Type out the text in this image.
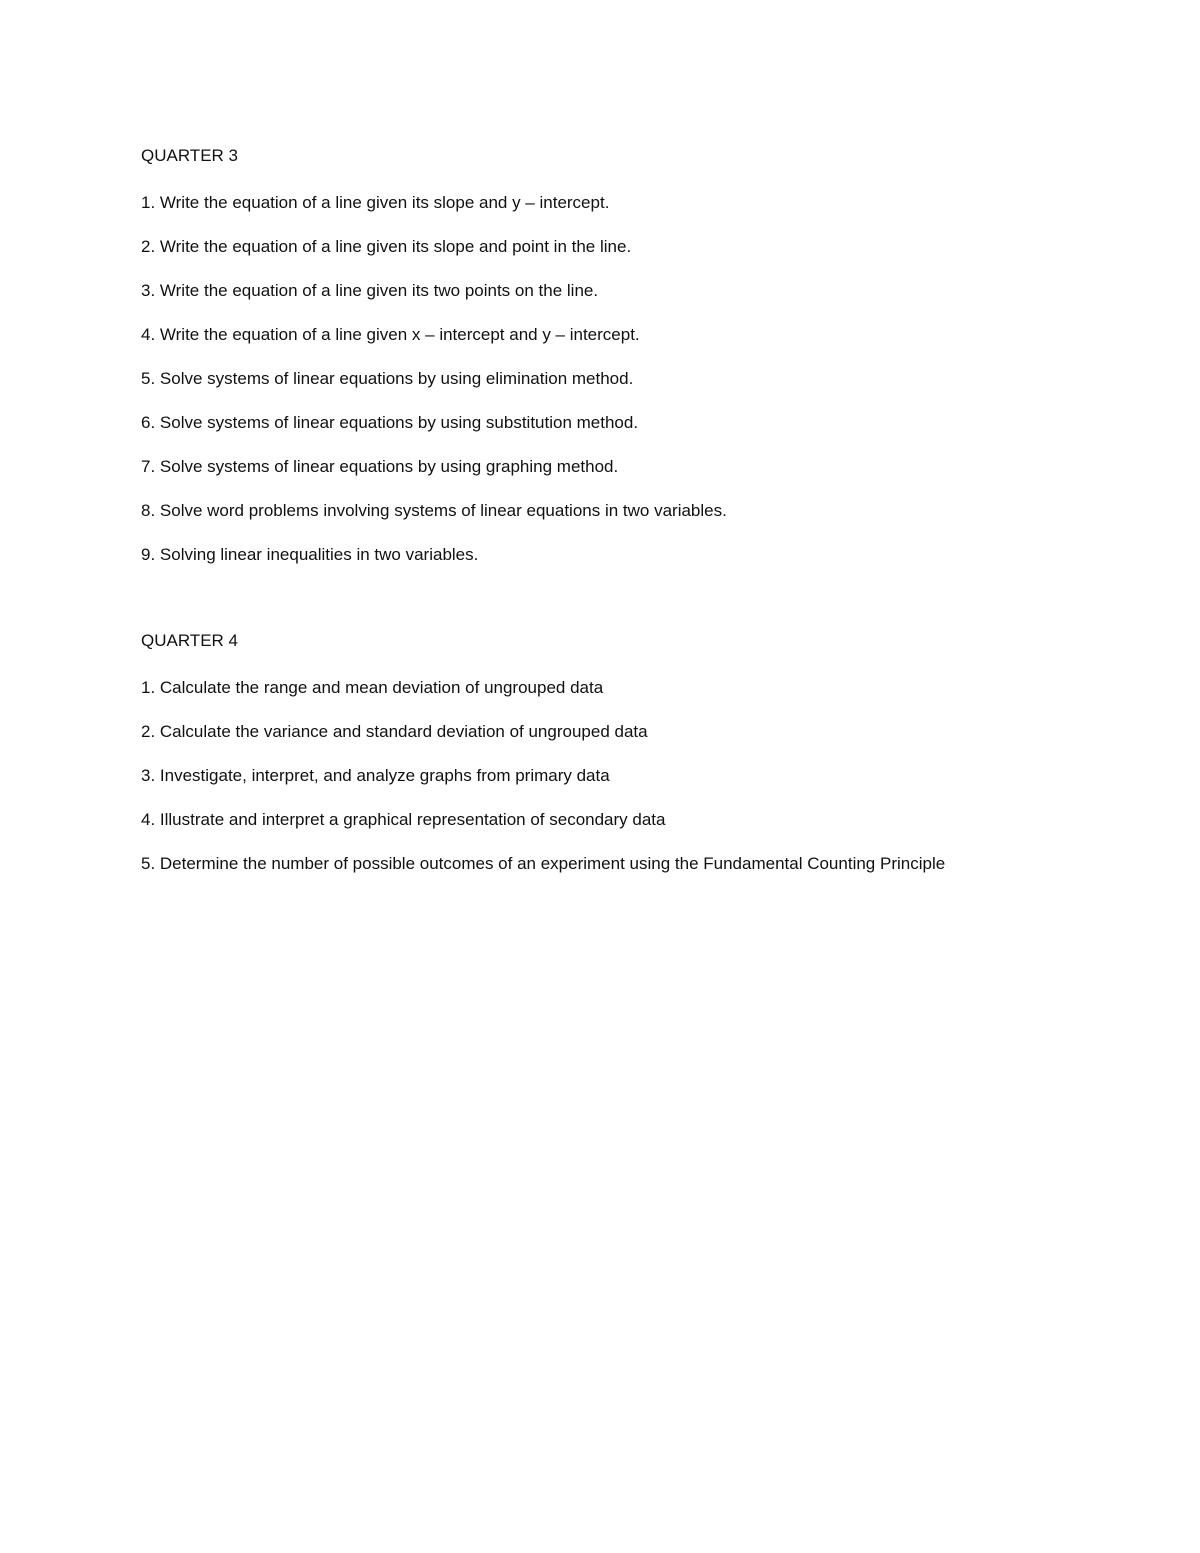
QUARTER 3
1. Write the equation of a line given its slope and y – intercept.
2. Write the equation of a line given its slope and point in the line.
3. Write the equation of a line given its two points on the line.
4. Write the equation of a line given x – intercept and y – intercept.
5. Solve systems of linear equations by using elimination method.
6. Solve systems of linear equations by using substitution method.
7. Solve systems of linear equations by using graphing method.
8. Solve word problems involving systems of linear equations in two variables.
9. Solving linear inequalities in two variables.
QUARTER 4
1. Calculate the range and mean deviation of ungrouped data
2. Calculate the variance and standard deviation of ungrouped data
3. Investigate, interpret, and analyze graphs from primary data
4. Illustrate and interpret a graphical representation of secondary data
5. Determine the number of possible outcomes of an experiment using the Fundamental Counting Principle
